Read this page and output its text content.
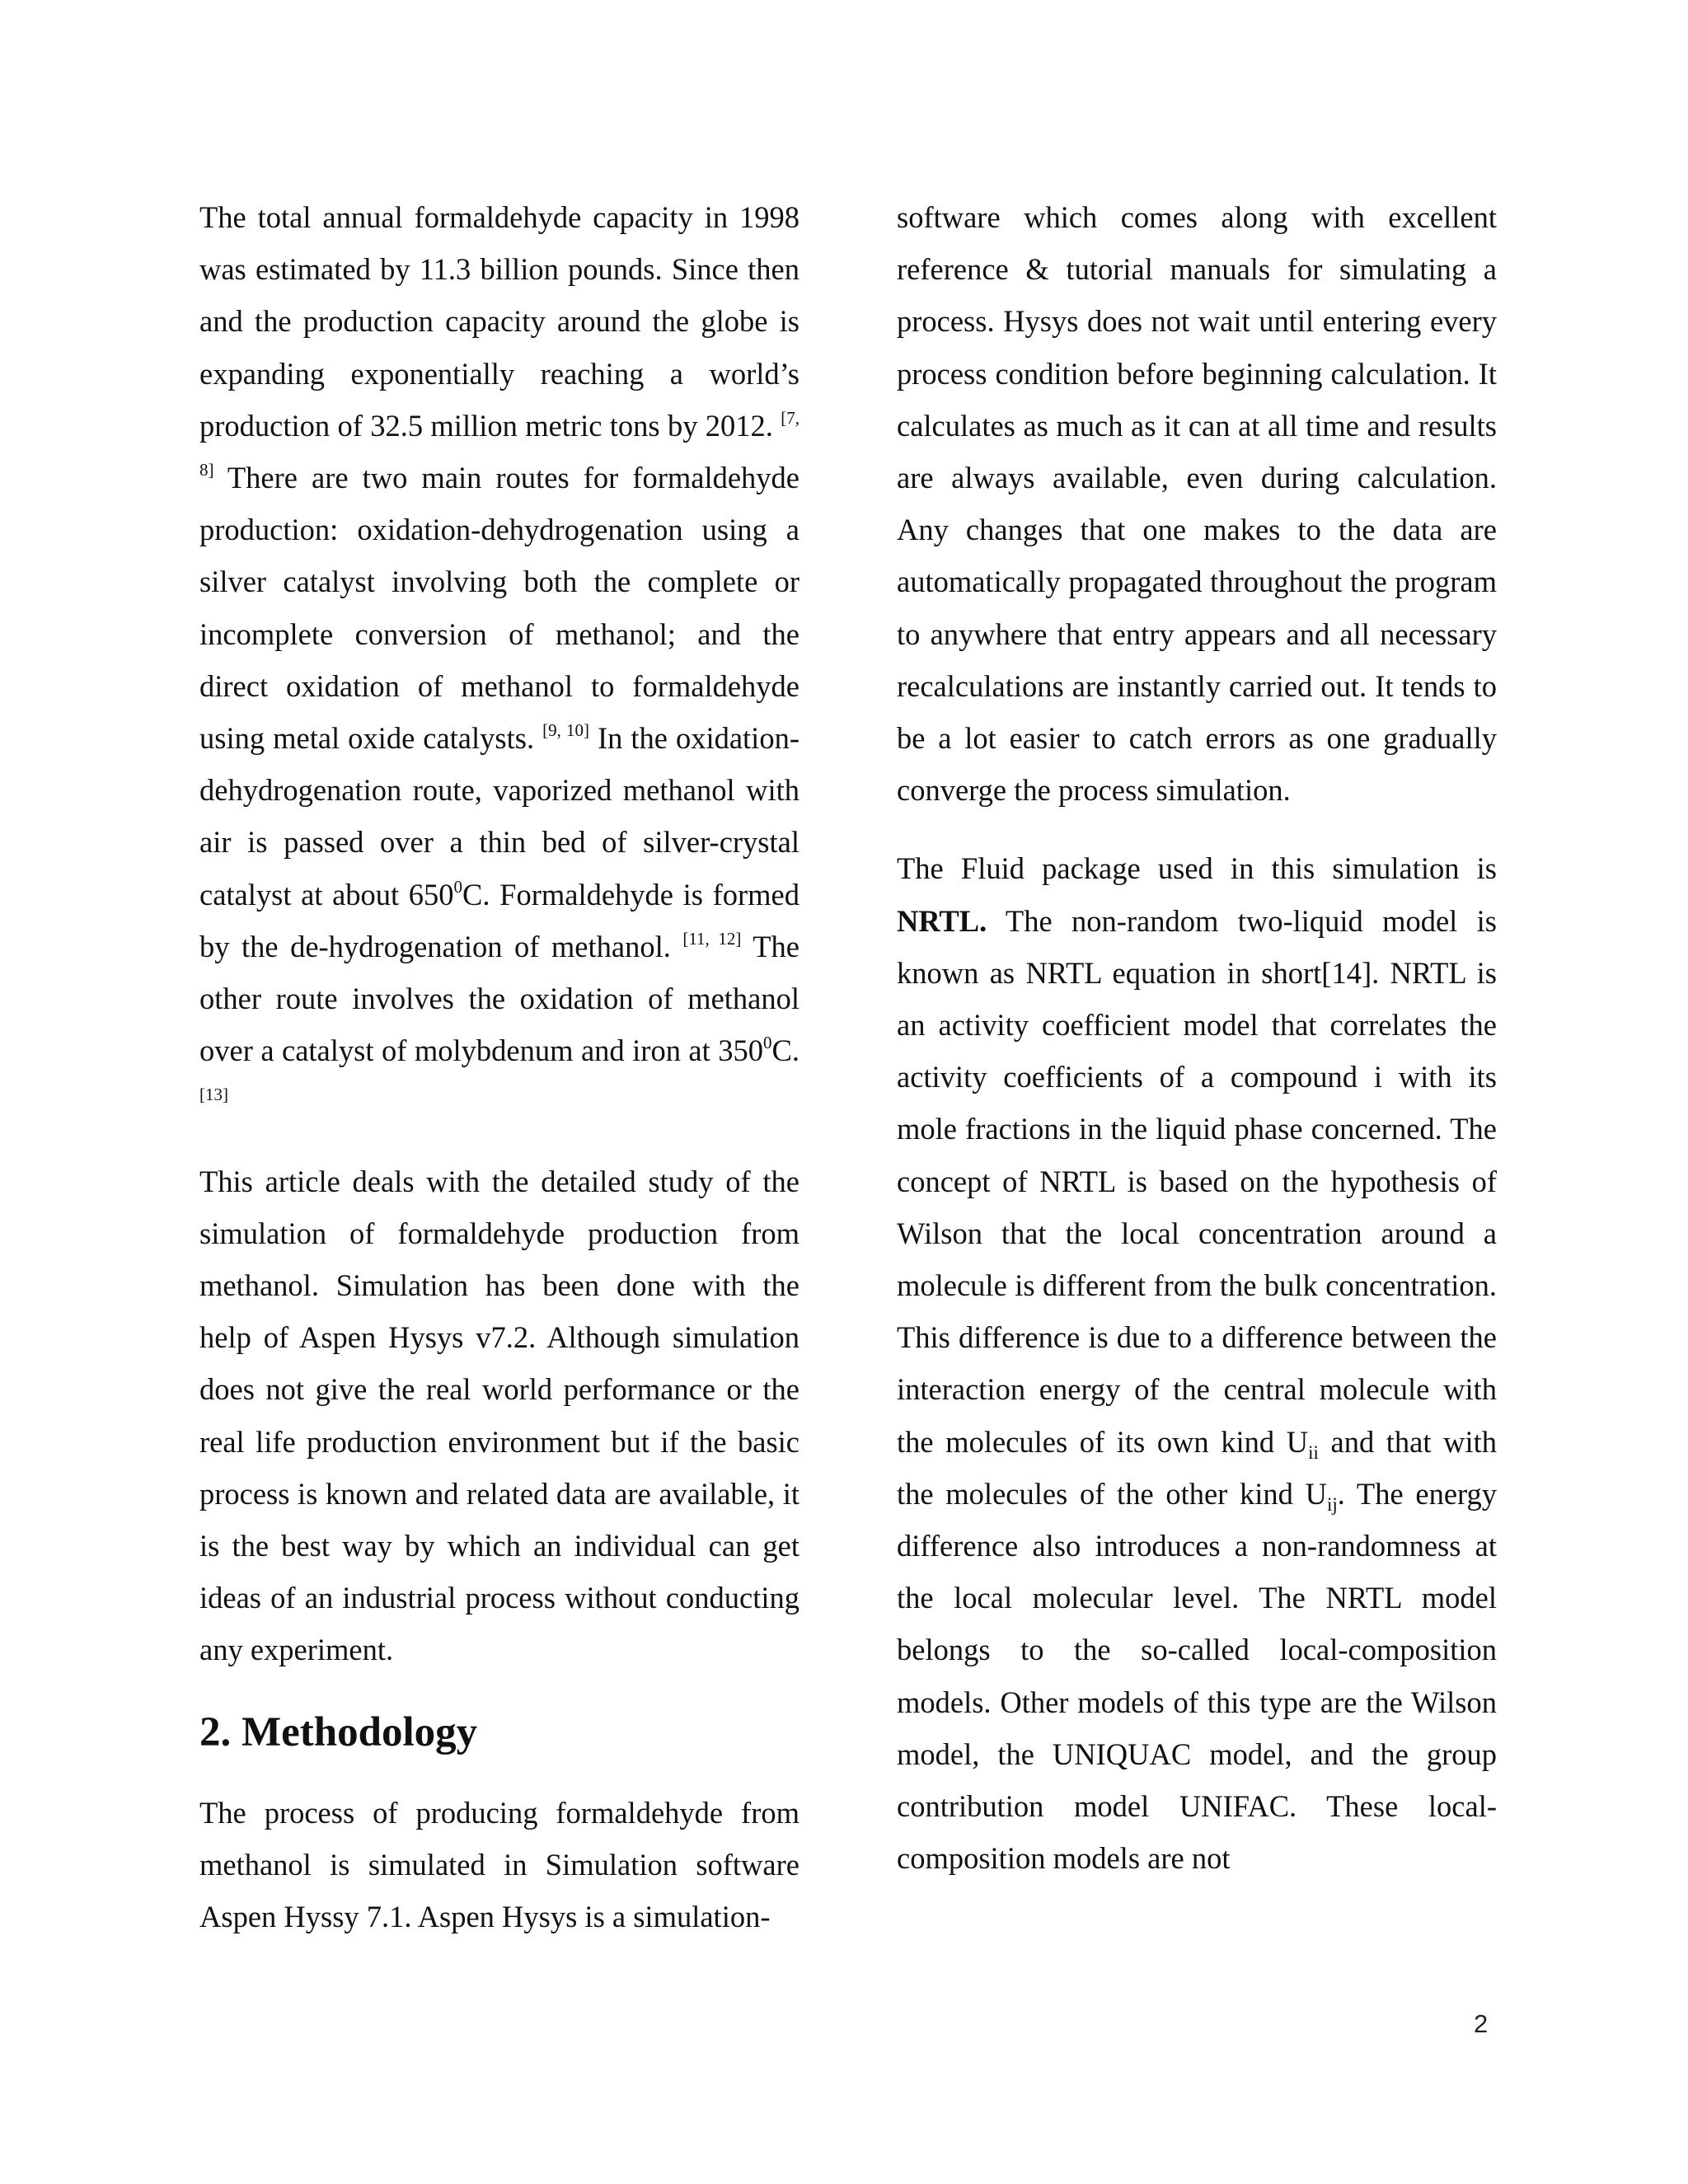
The total annual formaldehyde capacity in 1998 was estimated by 11.3 billion pounds. Since then and the production capacity around the globe is expanding exponentially reaching a world’s production of 32.5 million metric tons by 2012. [7, 8] There are two main routes for formaldehyde production: oxidation-dehydrogenation using a silver catalyst involving both the complete or incomplete conversion of methanol; and the direct oxidation of methanol to formaldehyde using metal oxide catalysts. [9, 10] In the oxidation-dehydrogenation route, vaporized methanol with air is passed over a thin bed of silver-crystal catalyst at about $650^0C$. Formaldehyde is formed by the de-hydrogenation of methanol. [11, 12] The other route involves the oxidation of methanol over a catalyst of molybdenum and iron at $350^0C$. [13]

This article deals with the detailed study of the simulation of formaldehyde production from methanol. Simulation has been done with the help of Aspen Hysys v7.2. Although simulation does not give the real world performance or the real life production environment but if the basic process is known and related data are available, it is the best way by which an individual can get ideas of an industrial process without conducting any experiment.

2. Methodology

The process of producing formaldehyde from methanol is simulated in Simulation software Aspen Hyssy 7.1. Aspen Hysys is a simulation-

software which comes along with excellent reference & tutorial manuals for simulating a process. Hysys does not wait until entering every process condition before beginning calculation. It calculates as much as it can at all time and results are always available, even during calculation. Any changes that one makes to the data are automatically propagated throughout the program to anywhere that entry appears and all necessary recalculations are instantly carried out. It tends to be a lot easier to catch errors as one gradually converge the process simulation.

The Fluid package used in this simulation is NRTL. The non-random two-liquid model is known as NRTL equation in short[14]. NRTL is an activity coefficient model that correlates the activity coefficients of a compound i with its mole fractions in the liquid phase concerned. The concept of NRTL is based on the hypothesis of Wilson that the local concentration around a molecule is different from the bulk concentration. This difference is due to a difference between the interaction energy of the central molecule with the molecules of its own kind $U_{ii}$ and that with the molecules of the other kind $U_{ij}$. The energy difference also introduces a non-randomness at the local molecular level. The NRTL model belongs to the so-called local-composition models. Other models of this type are the Wilson model, the UNIQUAC model, and the group contribution model UNIFAC. These local-composition models are not

2
